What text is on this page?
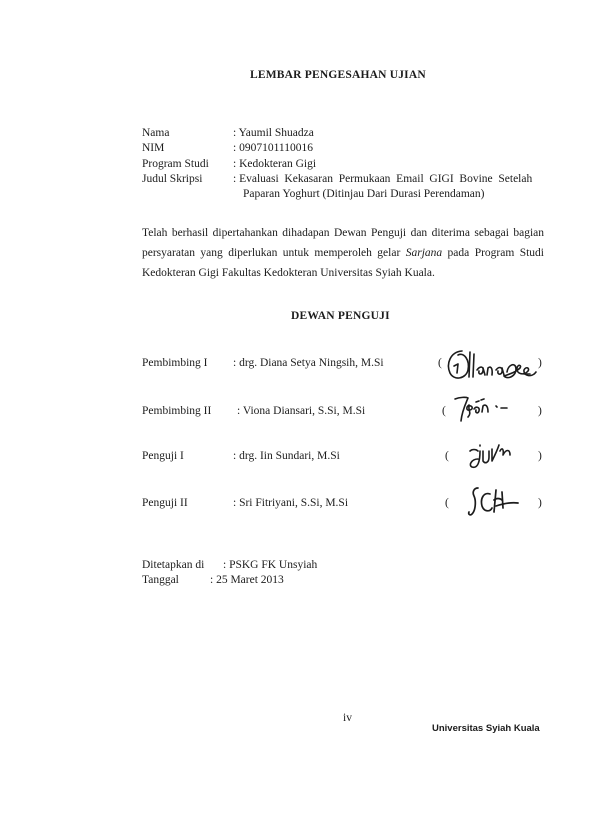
LEMBAR PENGESAHAN UJIAN
Nama	: Yaumil Shuadza
NIM	: 0907101110016
Program Studi : Kedokteran Gigi
Judul Skripsi	: Evaluasi  Kekasaran  Permukaan  Email  GIGI  Bovine  Setelah
Paparan Yoghurt (Ditinjau Dari Durasi Perendaman)
Telah berhasil dipertahankan dihadapan Dewan Penguji dan diterima sebagai bagian
persyaratan yang diperlukan untuk memperoleh gelar Sarjana pada Program Studi
Kedokteran Gigi Fakultas Kedokteran Universitas Syiah Kuala.
DEWAN PENGUJI
Pembimbing I : drg. Diana Setya Ningsih, M.Si	(	)
Pembimbing II : Viona Diansari, S.Si, M.Si	(	)
Penguji I	: drg. Iin Sundari, M.Si	(	)
Penguji II	: Sri Fitriyani, S.Si, M.Si	(	)
Ditetapkan di : PSKG FK Unsyiah
Tanggal	: 25 Maret 2013
iv
Universitas Syiah Kuala
